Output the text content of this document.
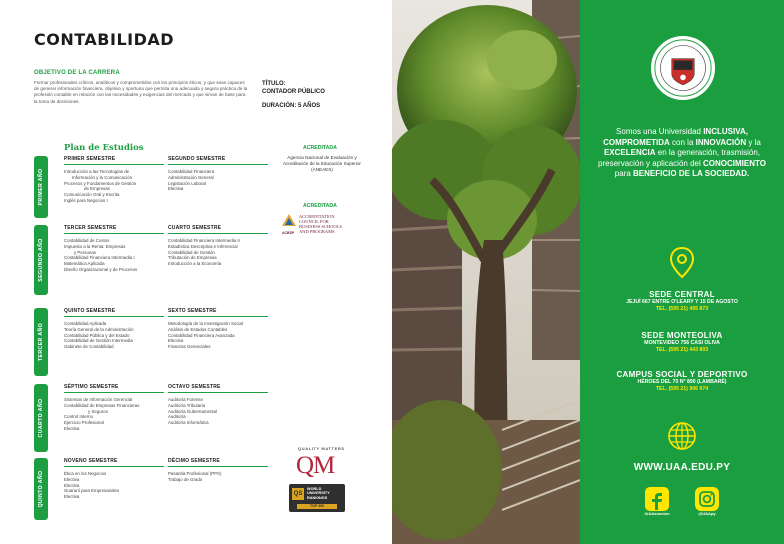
CONTABILIDAD
OBJETIVO DE LA CARRERA
Formar profesionales críticos, analíticos y comprometidos con los principios éticos, y que sean capaces de generar información financiera, objetiva y oportuna que permita una adecuada y segura práctica de la profesión contable en relación con las necesidades y exigencias del mercado y que sirvan de base para la toma de decisiones.
TÍTULO:
CONTADOR PÚBLICO
DURACIÓN: 5 AÑOS
Plan de Estudios
PRIMER AÑO
PRIMER SEMESTRE
Introducción a las Tecnologías de
Información y la Comunicación
Procesos y Fundamentos de Gestión
de Empresas
Comunicación Oral y Escrita
Inglés para Negocios I
SEGUNDO SEMESTRE
Contabilidad Financiera
Administración General
Legislación Laboral
Electiva
SEGUNDO AÑO
TERCER SEMESTRE
Contabilidad de Costos
Impuesto a la Renta: Empresas
y Personas
Contabilidad Financiera Intermedia I
Matemática Aplicada
Diseño Organizacional y de Procesos
CUARTO SEMESTRE
Contabilidad Financiera Intermedia II
Estadística Descriptiva e Inferencial
Contabilidad de Gestión
Tributación de Empresas
Introducción a la Economía
TERCER AÑO
QUINTO SEMESTRE
Contabilidad Aplicada
Teoría General de la Administración
Contabilidad Pública y del Estado
Contabilidad de Gestión Intermedia
Gabinete de Contabilidad
SEXTO SEMESTRE
Metodología de la Investigación Social
Análisis de Estados Contables
Contabilidad Financiera Avanzada
Electiva
Finanzas Gerenciales
CUARTO AÑO
SÉPTIMO SEMESTRE
Sistemas de Información Gerencial
Contabilidad de Empresas Financieras
y Seguros
Control Interno
Ejercicio Profesional
Electiva
OCTAVO SEMESTRE
Auditoría Forense
Auditoría Tributaria
Auditoría Gubernamental
Auditoría
Auditoría Informática
QUINTO AÑO
NOVENO SEMESTRE
Ética en los Negocios
Electiva
Electiva
Guaraní para Empresariales
Electiva
DÉCIMO SEMESTRE
Pasantía Profesional (PPS)
Trabajo de Grado
ACREDITADA
Agencia Nacional de Evaluación y Acreditación de la Educación Superior (ANEAES)
ACREDITADA
ACCREDITATION
COUNCIL FOR
BUSINESS SCHOOLS
AND PROGRAMS
ACBSP
QUALITY MATTERS
QM
QS
WORLD
UNIVERSITY
RANKINGS
TOP 300
Somos una Universidad INCLUSIVA, COMPROMETIDA con la INNOVACIÓN y la EXCELENCIA en la generación, trasmisión, preservación y aplicación del CONOCIMIENTO para BENEFICIO DE LA SOCIEDAD.
SEDE CENTRAL
JEJUÍ 667 ENTRE O'LEARY Y 15 DE AGOSTO
TEL. (595 21) 495 873
SEDE MONTEOLIVA
MONTEVIDEO 756 CASI OLIVA
TEL. (595 21) 443 803
CAMPUS SOCIAL Y DEPORTIVO
HÉROES DEL 70 N° 890 (LAMBARÉ)
TEL. (595 21) 906 974
WWW.UAA.EDU.PY
/UAAsuncion	@UAApy
